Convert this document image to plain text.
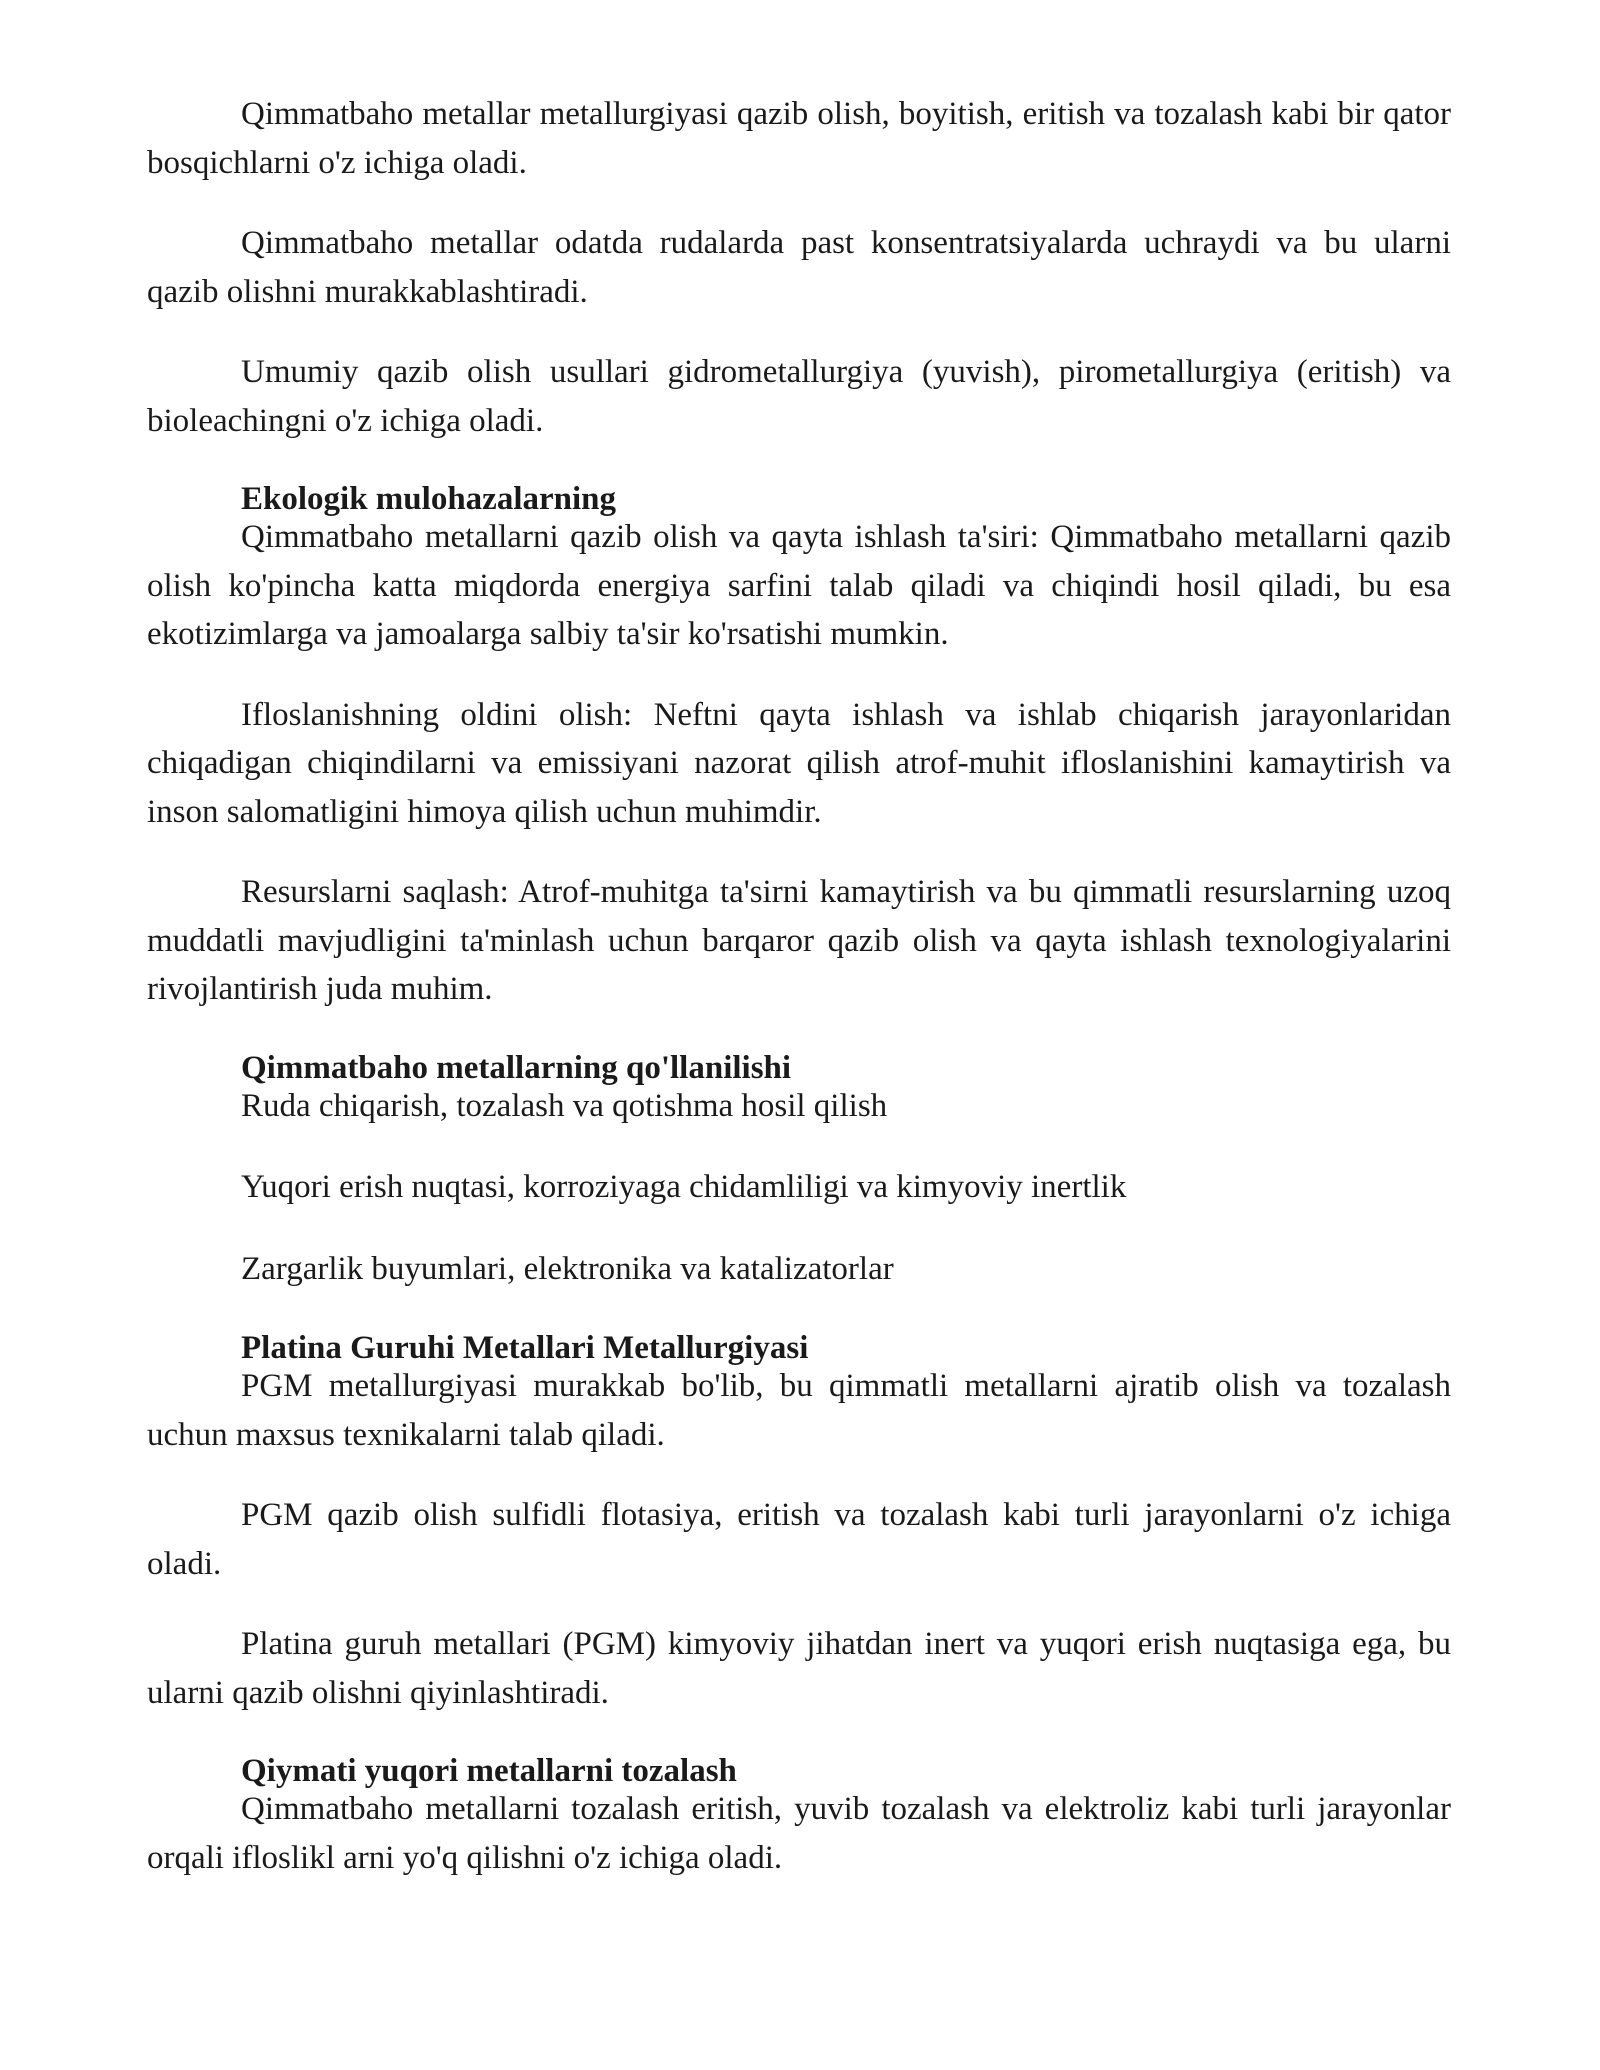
Qimmatbaho metallar metallurgiyasi qazib olish, boyitish, eritish va tozalash kabi bir qator bosqichlarni o'z ichiga oladi.

Qimmatbaho metallar odatda rudalarda past konsentratsiyalarda uchraydi va bu ularni qazib olishni murakkablashtiradi.

Umumiy qazib olish usullari gidrometallurgiya (yuvish), pirometallurgiya (eritish) va bioleachingni o'z ichiga oladi.

Ekologik mulohazalarning

Qimmatbaho metallarni qazib olish va qayta ishlash ta'siri: Qimmatbaho metallarni qazib olish ko'pincha katta miqdorda energiya sarfini talab qiladi va chiqindi hosil qiladi, bu esa ekotizimlarga va jamoalarga salbiy ta'sir ko'rsatishi mumkin.

Ifloslanishning oldini olish: Neftni qayta ishlash va ishlab chiqarish jarayonlaridan chiqadigan chiqindilarni va emissiyani nazorat qilish atrof-muhit ifloslanishini kamaytirish va inson salomatligini himoya qilish uchun muhimdir.

Resurslarni saqlash: Atrof-muhitga ta'sirni kamaytirish va bu qimmatli resurslarning uzoq muddatli mavjudligini ta'minlash uchun barqaror qazib olish va qayta ishlash texnologiyalarini rivojlantirish juda muhim.

Qimmatbaho metallarning qo'llanilishi
Ruda chiqarish, tozalash va qotishma hosil qilish
Yuqori erish nuqtasi, korroziyaga chidamliligi va kimyoviy inertlik
Zargarlik buyumlari, elektronika va katalizatorlar
Platina Guruhi Metallari Metallurgiyasi

PGM metallurgiyasi murakkab bo'lib, bu qimmatli metallarni ajratib olish va tozalash uchun maxsus texnikalarni talab qiladi.

PGM qazib olish sulfidli flotasiya, eritish va tozalash kabi turli jarayonlarni o'z ichiga oladi.

Platina guruh metallari (PGM) kimyoviy jihatdan inert va yuqori erish nuqtasiga ega, bu ularni qazib olishni qiyinlashtiradi.

Qiymati yuqori metallarni tozalash

Qimmatbaho metallarni tozalash eritish, yuvib tozalash va elektroliz kabi turli jarayonlar orqali ifloslikl arni yo'q qilishni o'z ichiga oladi.
